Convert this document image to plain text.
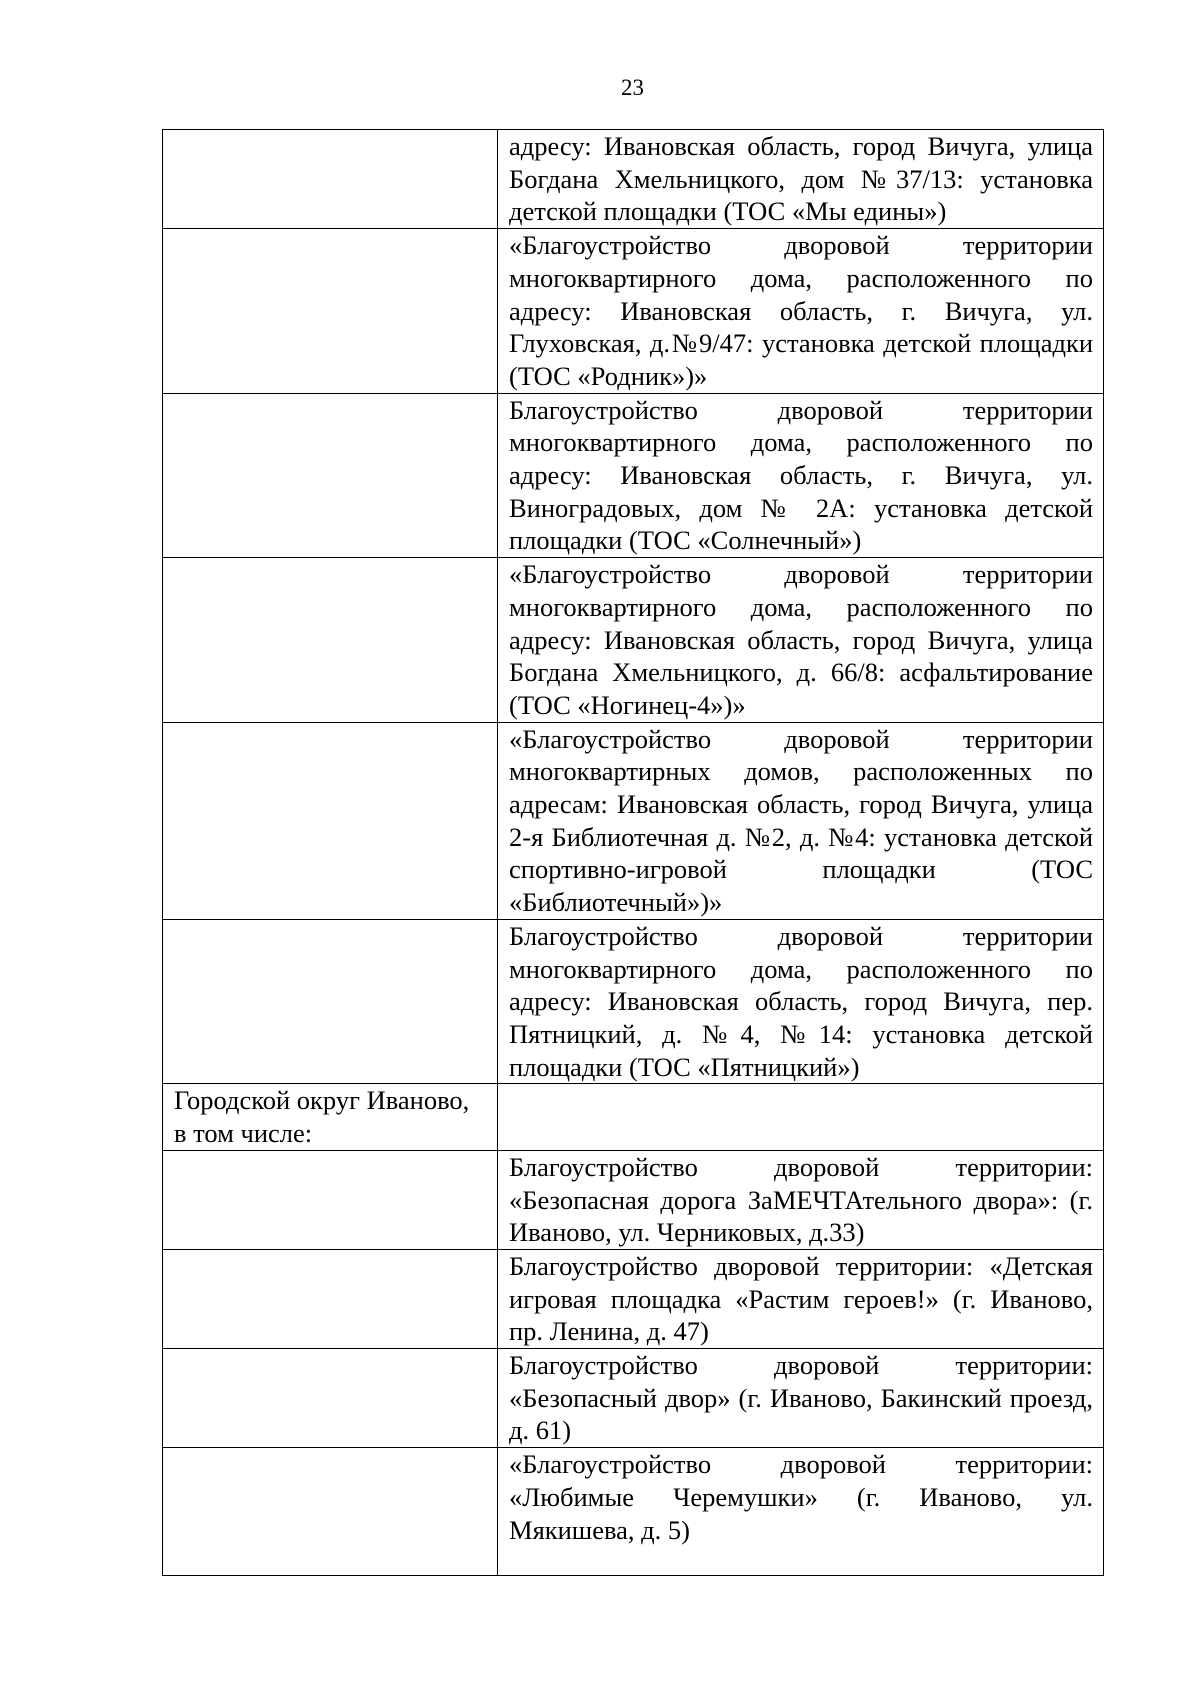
23
	адресу: Ивановская область, город Вичуга, улица Богдана Хмельницкого, дом №37/13: установка детской площадки (ТОС «Мы едины»)
	«Благоустройство дворовой территории многоквартирного дома, расположенного по адресу: Ивановская область, г. Вичуга, ул. Глуховская, д.№9/47: установка детской площадки (ТОС «Родник»)»
	Благоустройство дворовой территории многоквартирного дома, расположенного по адресу: Ивановская область, г. Вичуга, ул. Виноградовых, дом № 2А: установка детской площадки (ТОС «Солнечный»)
	«Благоустройство дворовой территории многоквартирного дома, расположенного по адресу: Ивановская область, город Вичуга, улица Богдана Хмельницкого, д. 66/8: асфальтирование (ТОС «Ногинец-4»)»
	«Благоустройство дворовой территории многоквартирных домов, расположенных по адресам: Ивановская область, город Вичуга, улица 2-я Библиотечная д. №2, д. №4: установка детской спортивно-игровой площадки (ТОС «Библиотечный»)»
	Благоустройство дворовой территории многоквартирного дома, расположенного по адресу: Ивановская область, город Вичуга, пер. Пятницкий, д. №4, №14: установка детской площадки (ТОС «Пятницкий»)
Городской округ Иваново, в том числе:	
	Благоустройство дворовой территории: «Безопасная дорога ЗаМЕЧТАтельного двора»: (г. Иваново, ул. Черниковых, д.33)
	Благоустройство дворовой территории: «Детская игровая площадка «Растим героев!» (г. Иваново, пр. Ленина, д. 47)
	Благоустройство дворовой территории: «Безопасный двор» (г. Иваново, Бакинский проезд, д. 61)
	«Благоустройство дворовой территории: «Любимые Черемушки» (г. Иваново, ул. Мякишева, д. 5)
